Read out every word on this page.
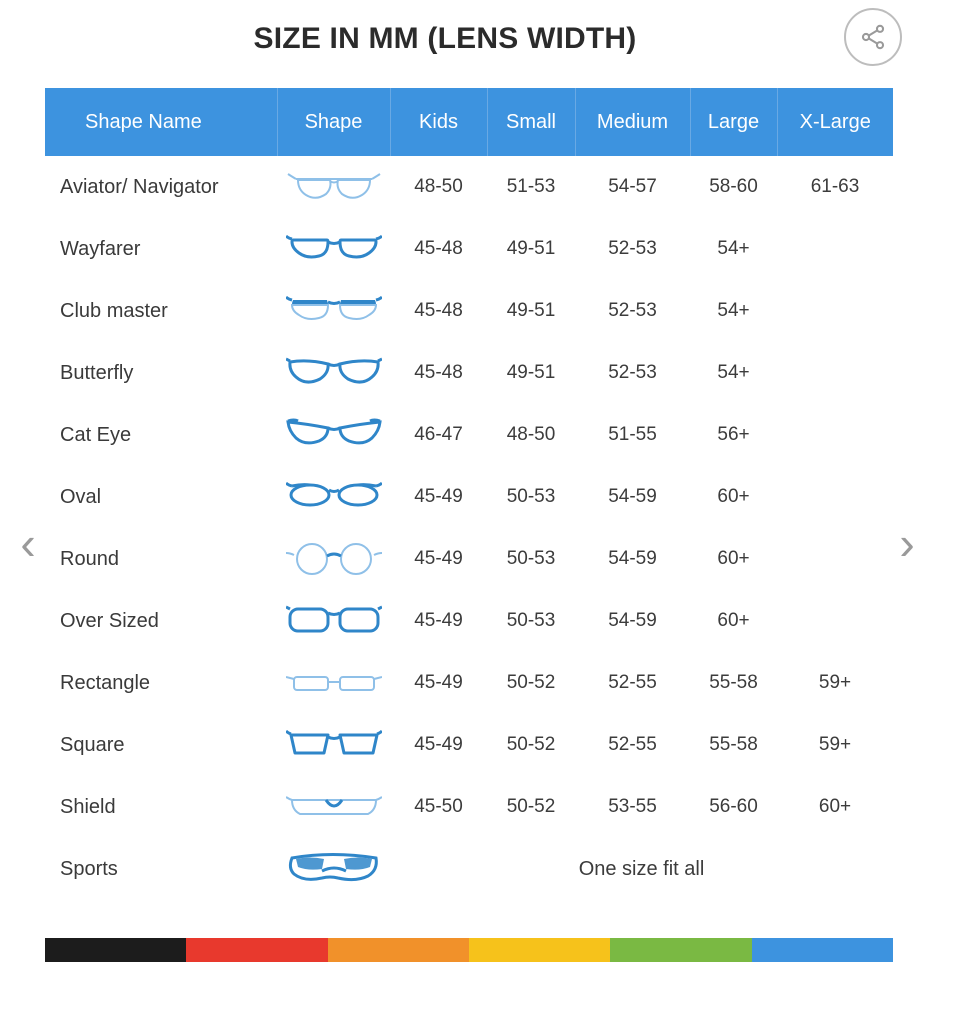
SIZE IN MM (LENS WIDTH)
‹	›
Shape Name	Shape	Kids	Small	Medium	Large	X-Large
Aviator/ Navigator		48-50	51-53	54-57	58-60	61-63
Wayfarer		45-48	49-51	52-53	54+	
Club master		45-48	49-51	52-53	54+	
Butterfly		45-48	49-51	52-53	54+	
Cat Eye		46-47	48-50	51-55	56+	
Oval		45-49	50-53	54-59	60+	
Round		45-49	50-53	54-59	60+	
Over Sized		45-49	50-53	54-59	60+	
Rectangle		45-49	50-52	52-55	55-58	59+
Square		45-49	50-52	52-55	55-58	59+
Shield		45-50	50-52	53-55	56-60	60+
Sports		One size fit all				
